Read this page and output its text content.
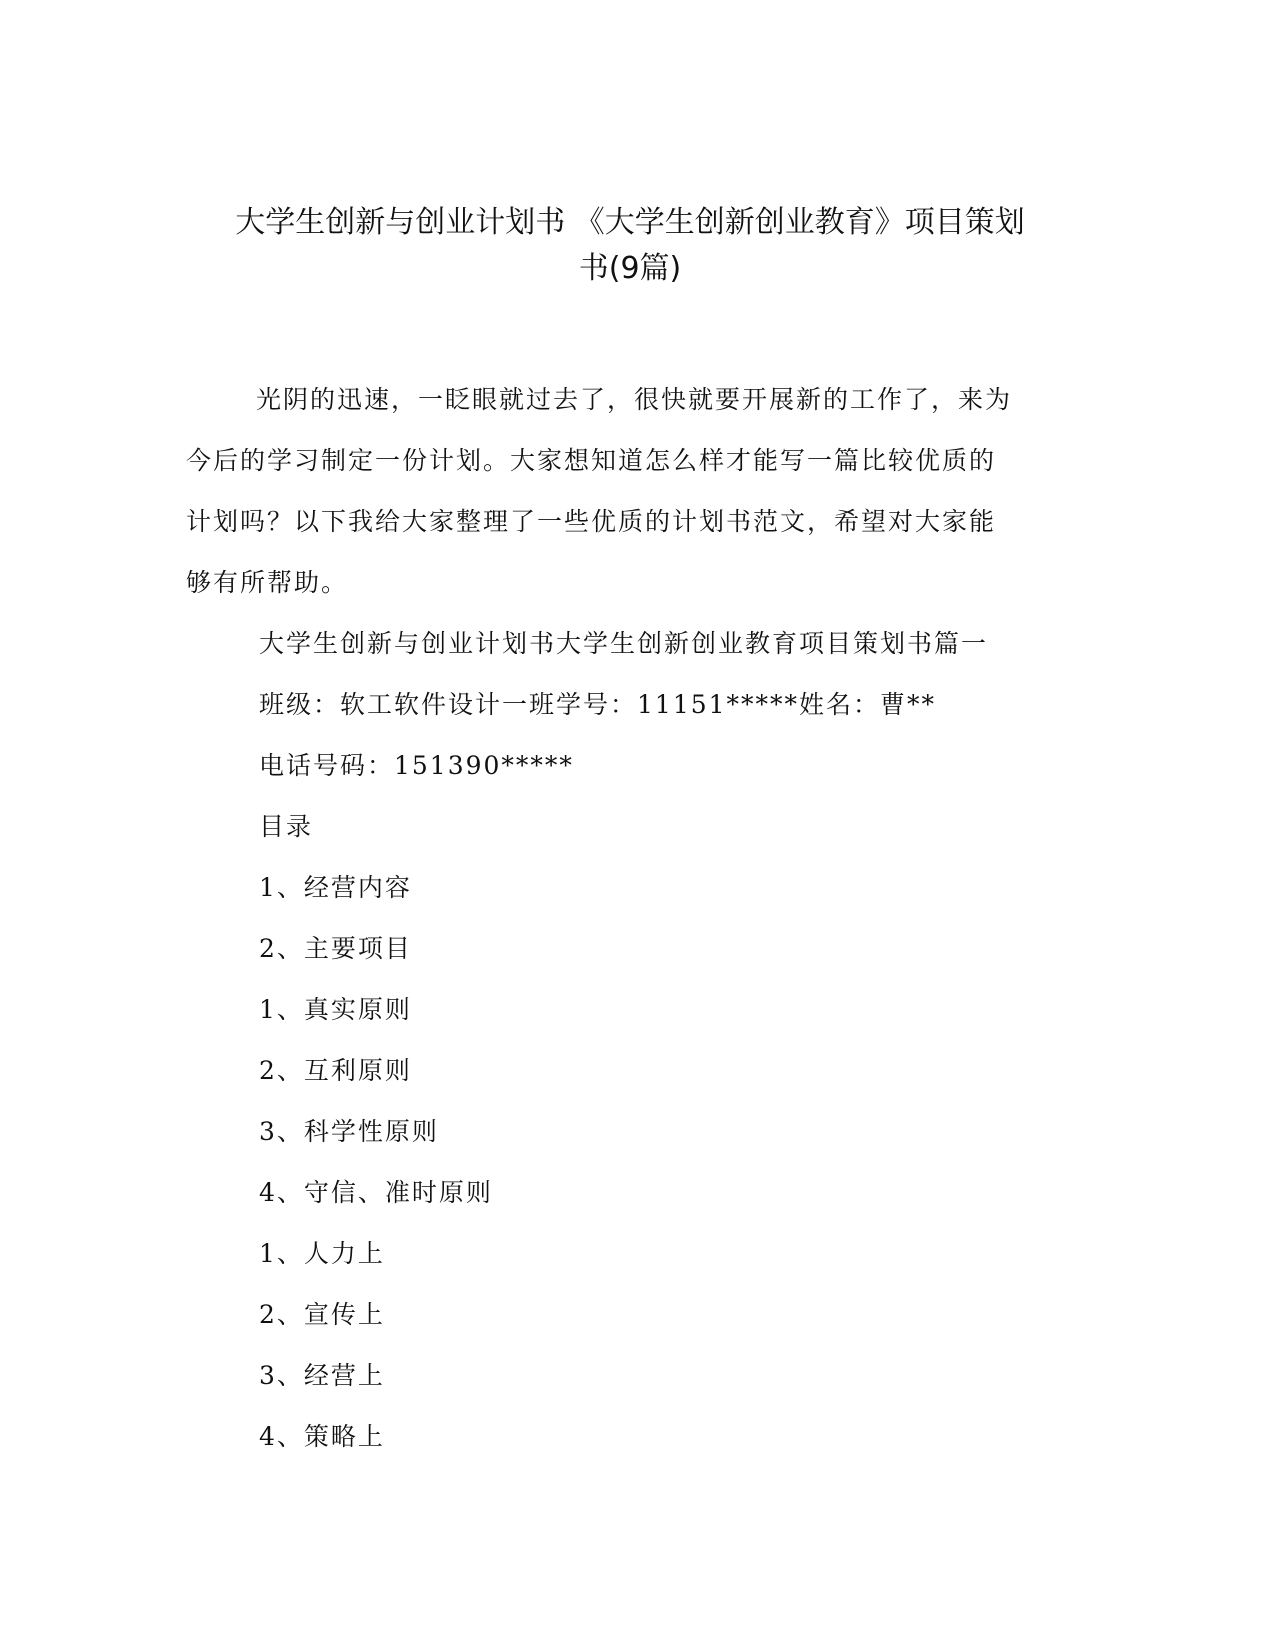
大学生创新与创业计划书 《大学生创新创业教育》项目策划
书(9篇)

光阴的迅速，一眨眼就过去了，很快就要开展新的工作了，来为
今后的学习制定一份计划。大家想知道怎么样才能写一篇比较优质的
计划吗？以下我给大家整理了一些优质的计划书范文，希望对大家能
够有所帮助。

大学生创新与创业计划书大学生创新创业教育项目策划书篇一
班级：软工软件设计一班学号：11151*****姓名：曹**
电话号码：151390*****
目录
1、经营内容
2、主要项目
1、真实原则
2、互利原则
3、科学性原则
4、守信、准时原则
1、人力上
2、宣传上
3、经营上
4、策略上
